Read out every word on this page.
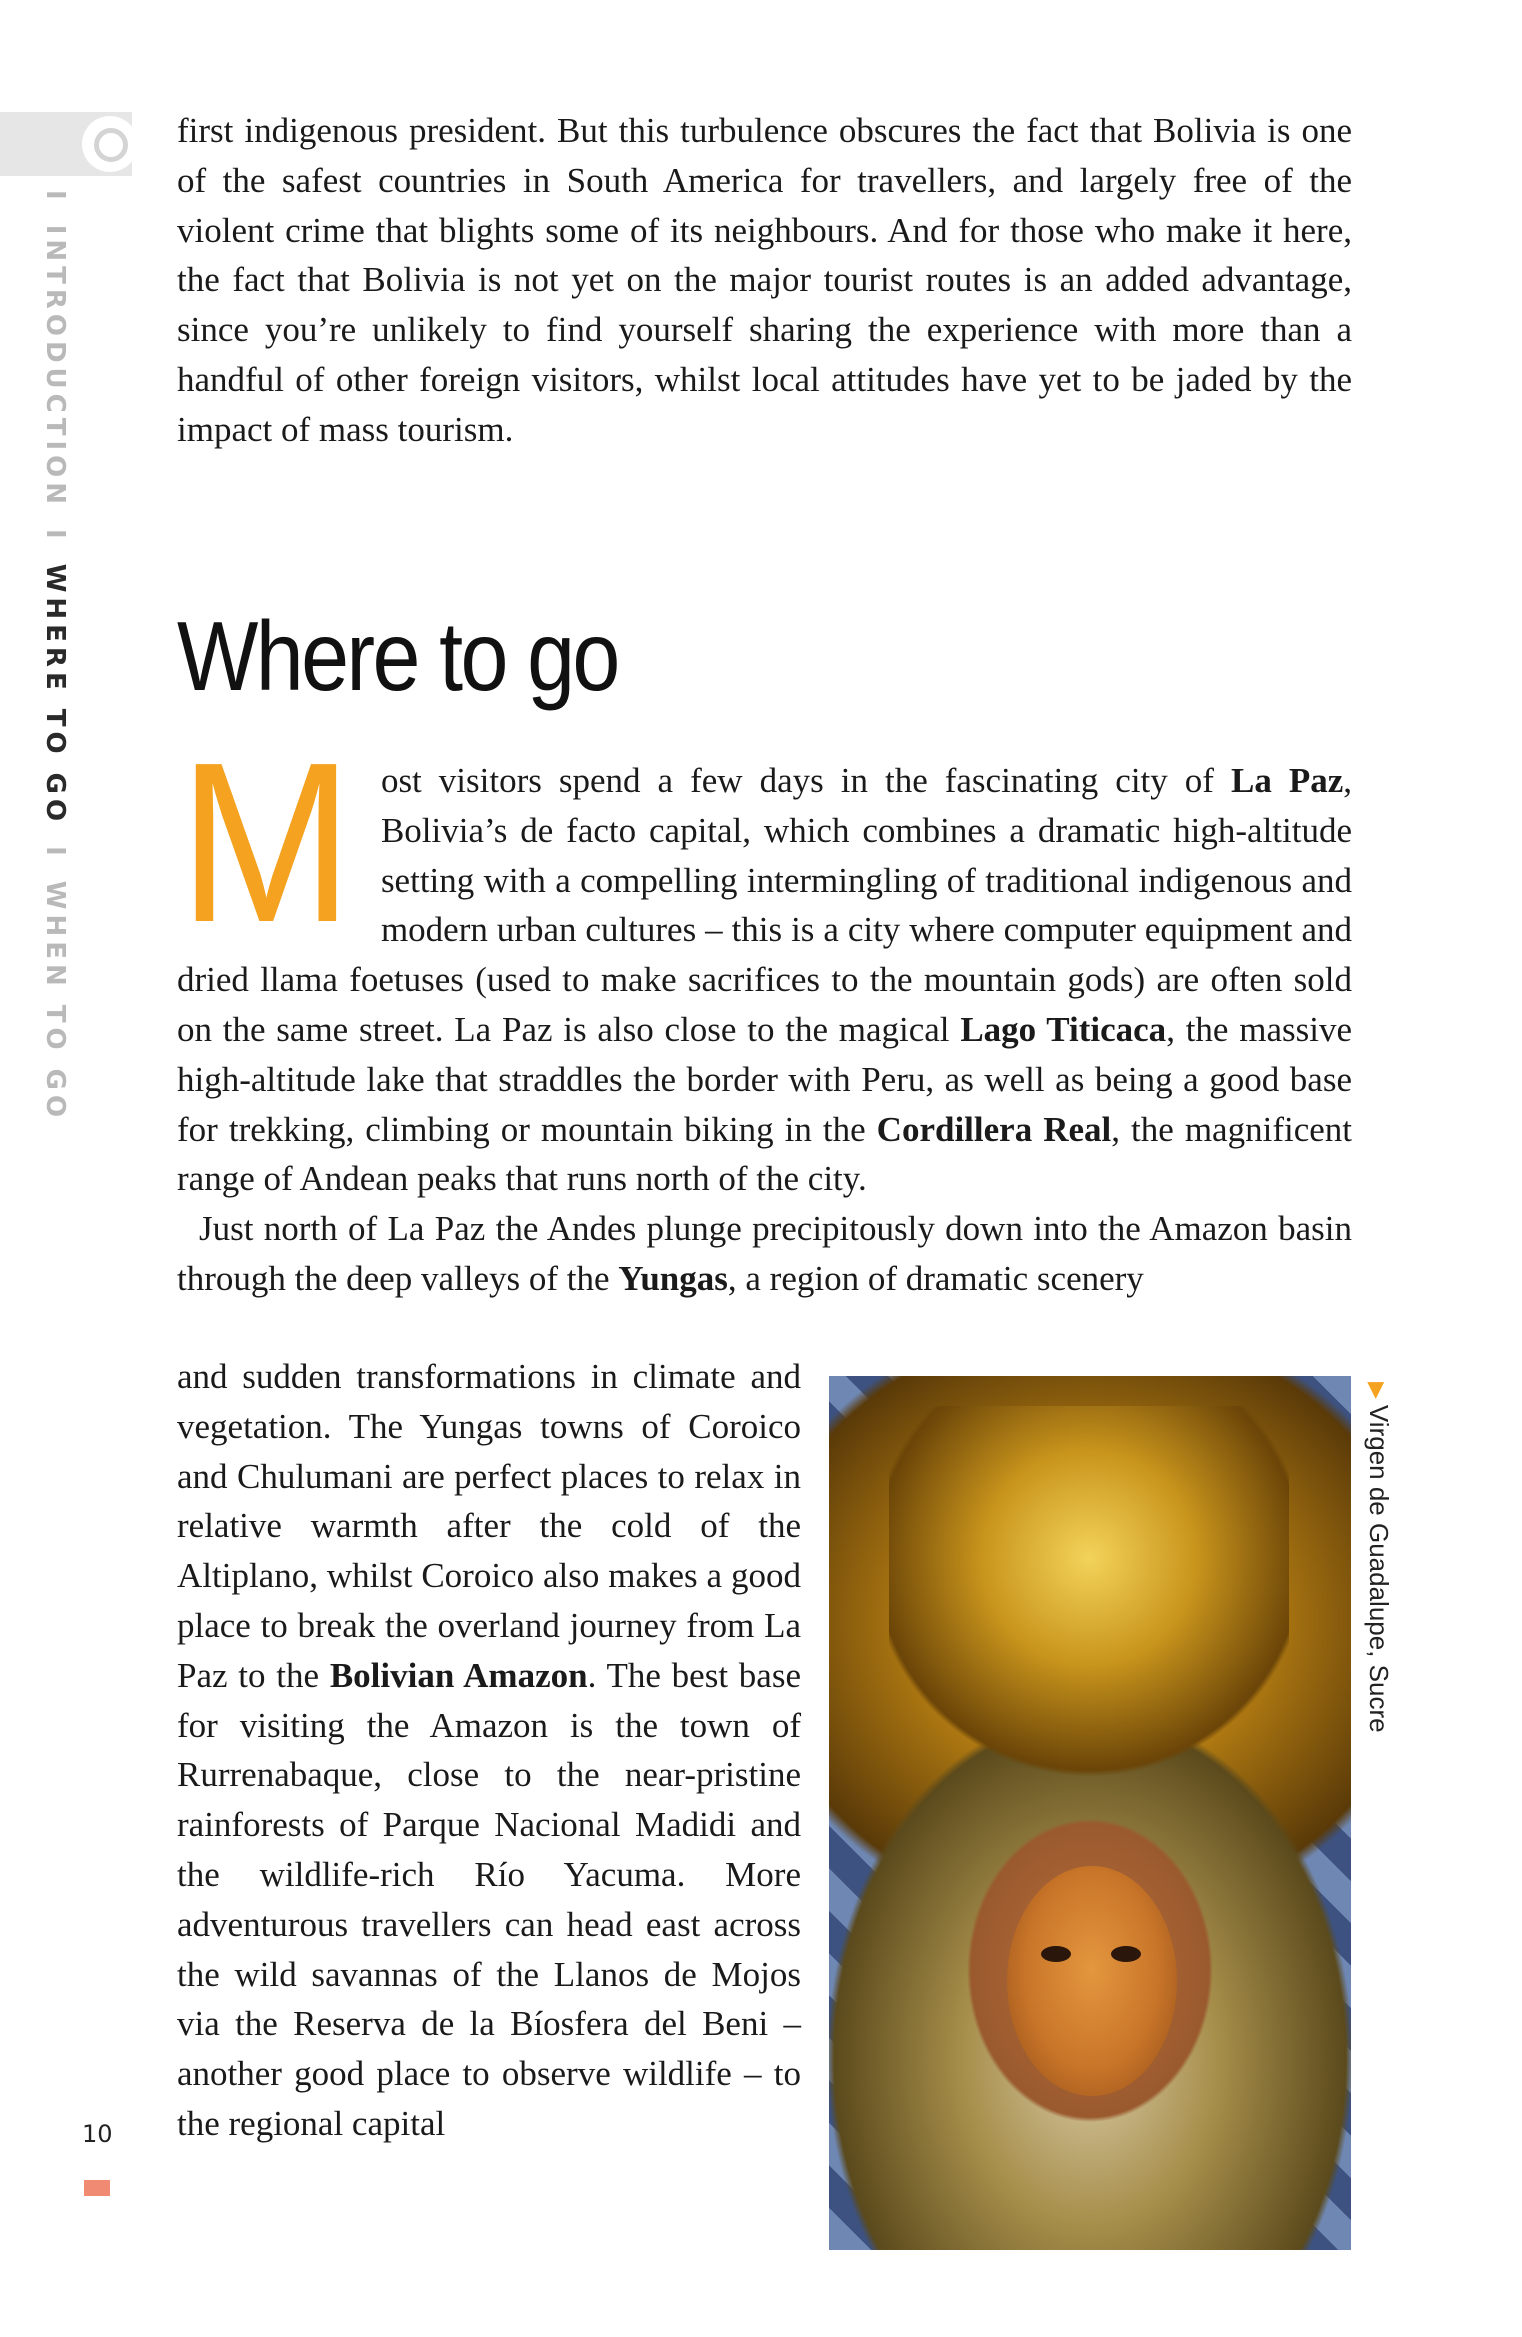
IINTRODUCTIONIWHERE TO GOIWHEN TO GO
10

first indigenous president. But this turbulence obscures the fact that Bolivia is one of the safest countries in South America for travellers, and largely free of the violent crime that blights some of its neighbours. And for those who make it here, the fact that Bolivia is not yet on the major tourist routes is an added advantage, since you’re unlikely to find yourself sharing the experience with more than a handful of other foreign visitors, whilst local attitudes have yet to be jaded by the impact of mass tourism.

Where to go
Most visitors spend a few days in the fascinating city of La Paz, Bolivia’s de facto capital, which combines a dramatic high-altitude setting with a compelling intermingling of traditional indigenous and modern urban cultures – this is a city where computer equipment and dried llama foetuses (used to make sacrifices to the mountain gods) are often sold on the same street. La Paz is also close to the magical Lago Titicaca, the massive high-altitude lake that straddles the border with Peru, as well as being a good base for trekking, climbing or mountain biking in the Cordillera Real, the magnificent range of Andean peaks that runs north of the city.
Just north of La Paz the Andes plunge precipitously down into the Amazon basin through the deep valleys of the Yungas, a region of dramatic scenery
and sudden transformations in climate and vegetation. The Yungas towns of Coroico and Chulumani are perfect places to relax in relative warmth after the cold of the Altiplano, whilst Coroico also makes a good place to break the overland journey from La Paz to the Bolivian Amazon. The best base for visiting the Amazon is the town of Rurrenabaque, close to the near-pristine rainforests of Parque Nacional Madidi and the wildlife-rich Río Yacuma. More adventurous travellers can head east across the wild savannas of the Llanos de Mojos via the Reserva de la Bíosfera del Beni – another good place to observe wildlife – to the regional capital
▶Virgen de Guadalupe, Sucre
